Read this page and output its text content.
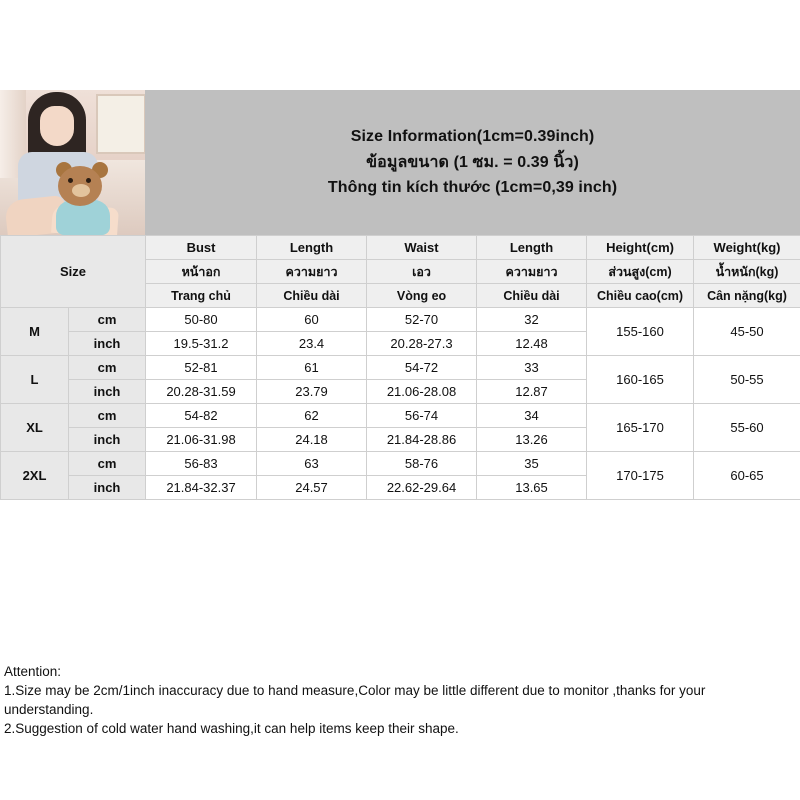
Size Information(1cm=0.39inch)
ข้อมูลขนาด (1 ซม. = 0.39 นิ้ว)
Thông tin kích thước (1cm=0,39 inch)
Size		Bust	Length	Waist	Length	Height(cm)	Weight(kg)
		หน้าอก	ความยาว	เอว	ความยาว	ส่วนสูง(cm)	น้ำหนัก(kg)
		Trang chủ	Chiều dài	Vòng eo	Chiều dài	Chiều cao(cm)	Cân nặng(kg)
M	cm	50-80	60	52-70	32	155-160	45-50
	inch	19.5-31.2	23.4	20.28-27.3	12.48		
L	cm	52-81	61	54-72	33	160-165	50-55
	inch	20.28-31.59	23.79	21.06-28.08	12.87		
XL	cm	54-82	62	56-74	34	165-170	55-60
	inch	21.06-31.98	24.18	21.84-28.86	13.26		
2XL	cm	56-83	63	58-76	35	170-175	60-65
	inch	21.84-32.37	24.57	22.62-29.64	13.65		
Attention:
1.Size may be 2cm/1inch inaccuracy due to hand measure,Color may be little different due to monitor ,thanks for your understanding.
2.Suggestion of cold water hand washing,it can help items keep their shape.
